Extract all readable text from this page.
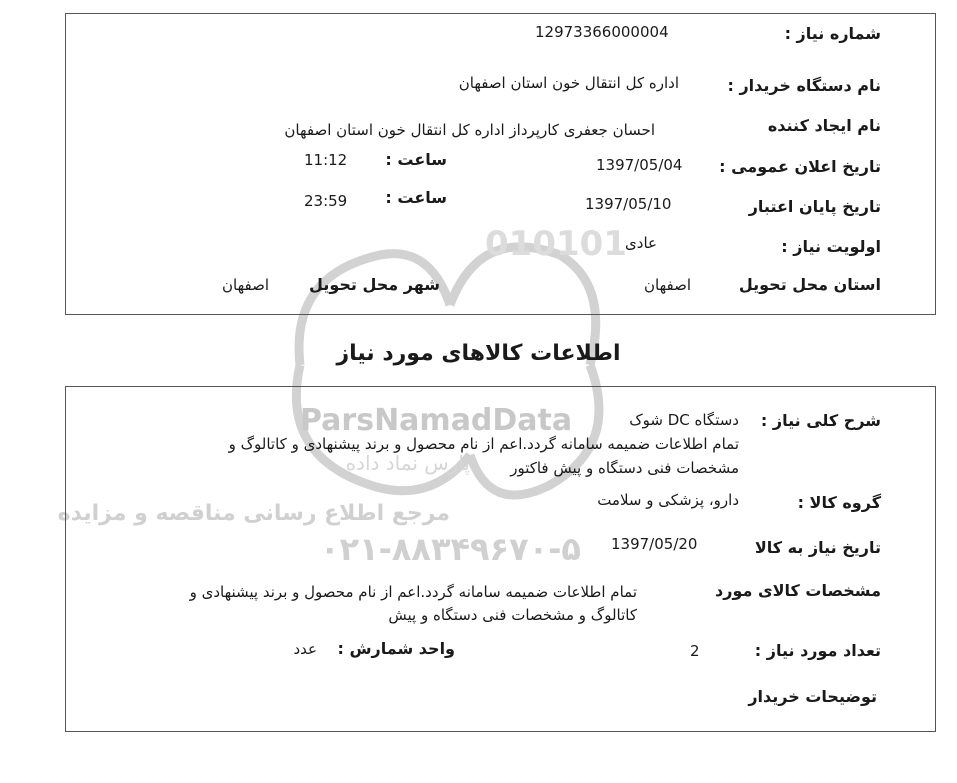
010101
ParsNamadData
پارس نماد داده
مرجع اطلاع رسانی مناقصه و مزایده
۰۲۱-۸۸۳۴۹۶۷۰-۵
شماره نیاز :
12973366000004
نام دستگاه خریدار :
اداره کل انتقال خون استان اصفهان
نام ایجاد کننده
احسان جعفری کارپرداز اداره کل انتقال خون استان اصفهان
تاریخ اعلان عمومی :
1397/05/04
ساعت :
11:12
تاریخ پایان اعتبار
1397/05/10
ساعت :
23:59
اولویت نیاز :
عادی
استان محل تحویل
اصفهان
شهر محل تحویل
اصفهان
اطلاعات کالاهای مورد نیاز
شرح کلی نیاز :
دستگاه DC شوک
تمام اطلاعات ضمیمه سامانه گردد.اعم از نام محصول و برند پیشنهادی و کاتالوگ و
مشخصات فنی دستگاه و پیش فاکتور
گروه کالا :
دارو، پزشکی و سلامت
تاریخ نیاز به کالا
1397/05/20
مشخصات کالای مورد
تمام اطلاعات ضمیمه سامانه گردد.اعم از نام محصول و برند پیشنهادی و
کاتالوگ و مشخصات فنی دستگاه و پیش
تعداد مورد نیاز :
2
واحد شمارش :
عدد
توضیحات خریدار
